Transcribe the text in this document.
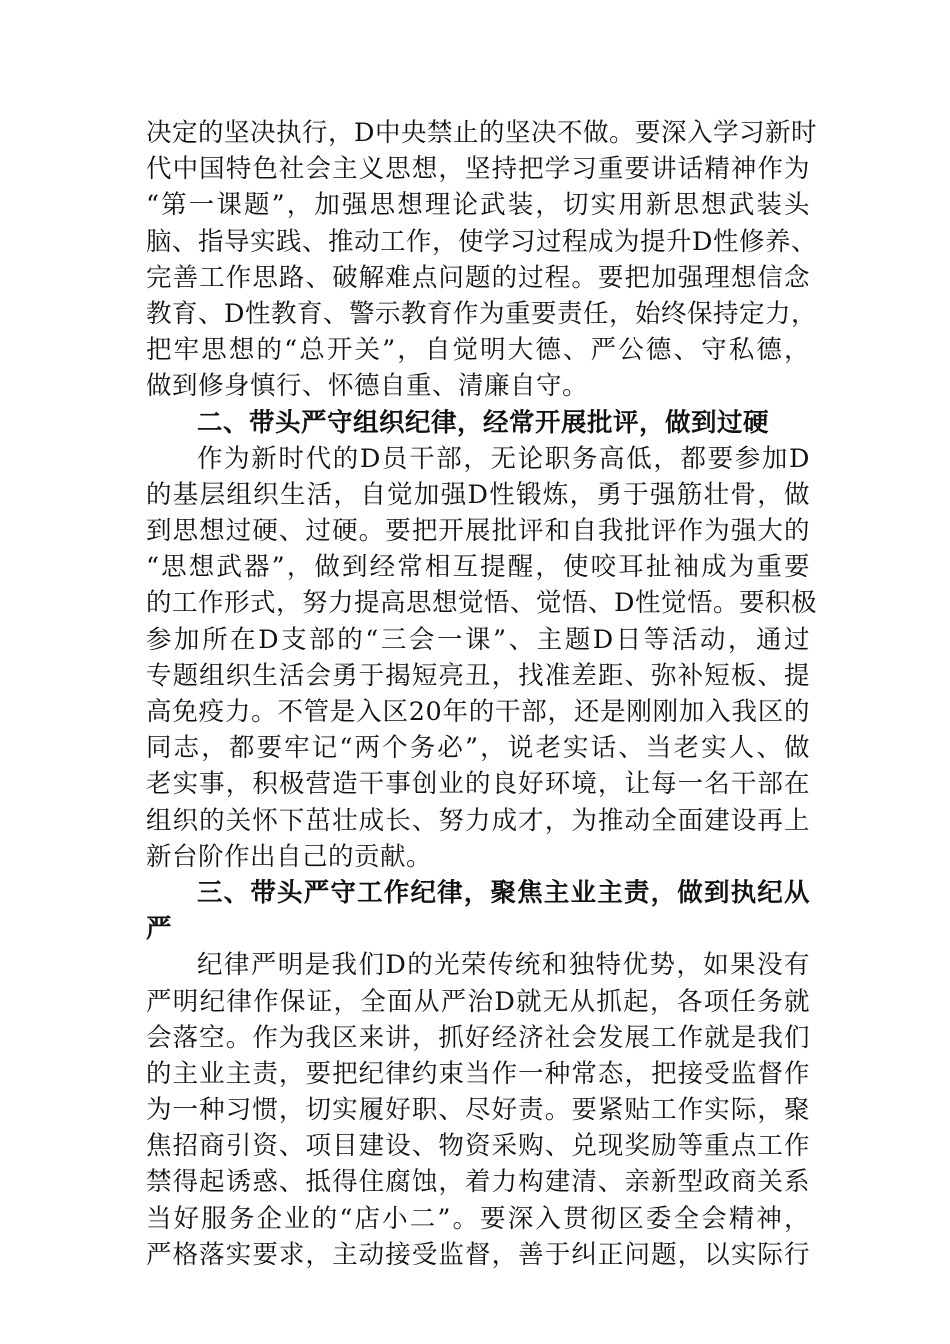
决定的坚决执行，D中央禁止的坚决不做。要深入学习新时
代中国特色社会主义思想，坚持把学习重要讲话精神作为
“第一课题”，加强思想理论武装，切实用新思想武装头
脑、指导实践、推动工作，使学习过程成为提升D性修养、
完善工作思路、破解难点问题的过程。要把加强理想信念
教育、D性教育、警示教育作为重要责任，始终保持定力，
把牢思想的“总开关”，自觉明大德、严公德、守私德，
做到修身慎行、怀德自重、清廉自守。
二、带头严守组织纪律，经常开展批评，做到过硬
作为新时代的D员干部，无论职务高低，都要参加D
的基层组织生活，自觉加强D性锻炼，勇于强筋壮骨，做
到思想过硬、过硬。要把开展批评和自我批评作为强大的
“思想武器”，做到经常相互提醒，使咬耳扯袖成为重要
的工作形式，努力提高思想觉悟、觉悟、D性觉悟。要积极
参加所在D支部的“三会一课”、主题D日等活动，通过
专题组织生活会勇于揭短亮丑，找准差距、弥补短板、提
高免疫力。不管是入区20年的干部，还是刚刚加入我区的
同志，都要牢记“两个务必”，说老实话、当老实人、做
老实事，积极营造干事创业的良好环境，让每一名干部在
组织的关怀下茁壮成长、努力成才，为推动全面建设再上
新台阶作出自己的贡献。
三、带头严守工作纪律，聚焦主业主责，做到执纪从
严
纪律严明是我们D的光荣传统和独特优势，如果没有
严明纪律作保证，全面从严治D就无从抓起，各项任务就
会落空。作为我区来讲，抓好经济社会发展工作就是我们
的主业主责，要把纪律约束当作一种常态，把接受监督作
为一种习惯，切实履好职、尽好责。要紧贴工作实际，聚
焦招商引资、项目建设、物资采购、兑现奖励等重点工作
禁得起诱惑、抵得住腐蚀，着力构建清、亲新型政商关系
当好服务企业的“店小二”。要深入贯彻区委全会精神，
严格落实要求，主动接受监督，善于纠正问题，以实际行
